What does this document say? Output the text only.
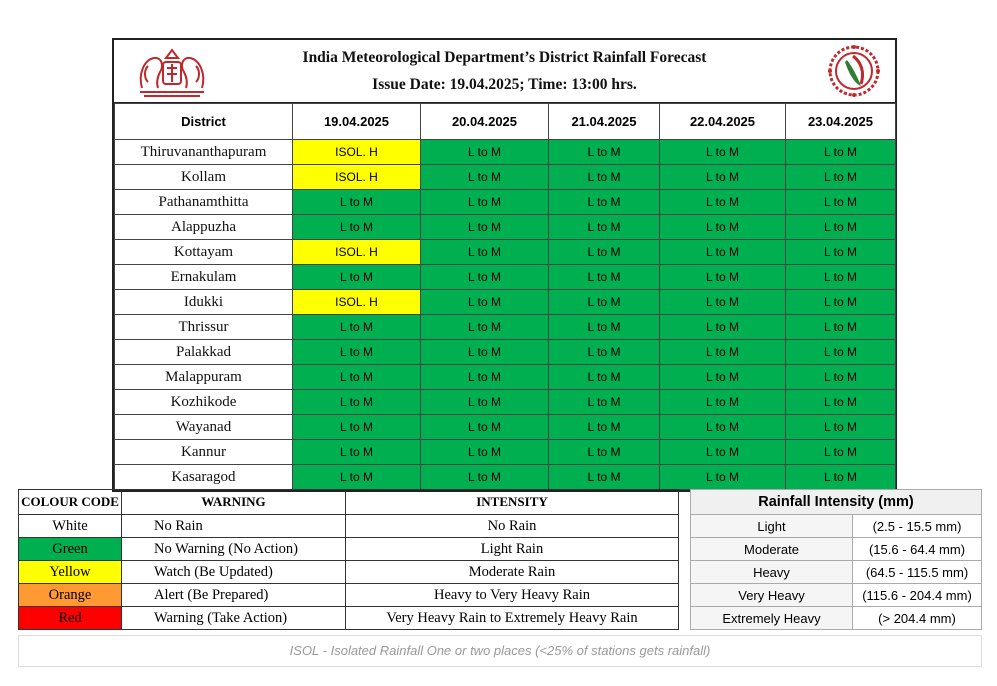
India Meteorological Department’s District Rainfall Forecast
Issue Date: 19.04.2025; Time: 13:00 hrs.
District	19.04.2025	20.04.2025	21.04.2025	22.04.2025	23.04.2025
Thiruvananthapuram	ISOL. H	L to M	L to M	L to M	L to M
Kollam	ISOL. H	L to M	L to M	L to M	L to M
Pathanamthitta	L to M	L to M	L to M	L to M	L to M
Alappuzha	L to M	L to M	L to M	L to M	L to M
Kottayam	ISOL. H	L to M	L to M	L to M	L to M
Ernakulam	L to M	L to M	L to M	L to M	L to M
Idukki	ISOL. H	L to M	L to M	L to M	L to M
Thrissur	L to M	L to M	L to M	L to M	L to M
Palakkad	L to M	L to M	L to M	L to M	L to M
Malappuram	L to M	L to M	L to M	L to M	L to M
Kozhikode	L to M	L to M	L to M	L to M	L to M
Wayanad	L to M	L to M	L to M	L to M	L to M
Kannur	L to M	L to M	L to M	L to M	L to M
Kasaragod	L to M	L to M	L to M	L to M	L to M
COLOUR CODE	WARNING	INTENSITY
White	No Rain	No Rain
Green	No Warning (No Action)	Light Rain
Yellow	Watch (Be Updated)	Moderate Rain
Orange	Alert (Be Prepared)	Heavy to Very Heavy Rain
Red	Warning (Take Action)	Very Heavy Rain to Extremely Heavy Rain
Rainfall Intensity (mm)	
Light	(2.5 - 15.5 mm)
Moderate	(15.6 - 64.4 mm)
Heavy	(64.5 - 115.5 mm)
Very Heavy	(115.6 - 204.4 mm)
Extremely Heavy	(> 204.4 mm)
ISOL - Isolated Rainfall One or two places (<25% of stations gets rainfall)
